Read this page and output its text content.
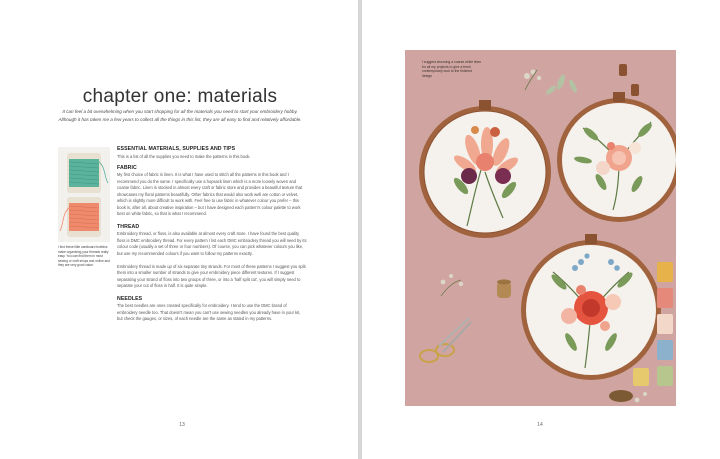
chapter one: materials

It can feel a bit overwhelming when you start shopping for all the materials you need to start your embroidery hobby. Although it has taken me a few years to collect all the things in this list, they are all easy to find and relatively affordable.

I find these little cardboard bobbins make organising your threads really easy. You can find them in most sewing or craft shops and online and they are very good value.

ESSENTIAL MATERIALS, SUPPLIES AND TIPS

This is a list of all the supplies you need to make the patterns in this book.

FABRIC

My first choice of fabric is linen. It is what I have used to stitch all the patterns in this book and I recommend you do the same. I specifically use a hopsack linen which is a more loosely woven and coarse fabric. Linen is stocked in almost every craft or fabric store and provides a beautiful texture that showcases my floral patterns beautifully. Other fabrics that would also work well are cotton or velvet, which is slightly more difficult to work with. Feel free to use fabric in whatever colour you prefer – this book is, after all, about creative inspiration – but I have designed each pattern's colour palette to work best on white fabric, so that is what I recommend.

THREAD

Embroidery thread, or floss, is also available at almost every craft store. I have found the best quality floss is DMC embroidery thread. For every pattern I list each DMC embroidery thread you will need by its colour code (usually a set of three or four numbers). Of course, you can pick whatever colours you like, but use my recommended colours if you want to follow my patterns exactly.

Embroidery thread is made up of six separate tiny strands. For most of these patterns I suggest you split them into a smaller number of strands to give your embroidery piece different textures. If I suggest separating your strand of floss into two groups of three, or into a 'half split cut', you will simply need to separate your cut of floss in half. It is quite simple.

NEEDLES

The best needles are ones created specifically for embroidery. I tend to use the DMC brand of embroidery needle too. That doesn't mean you can't use sewing needles you already have in your kit, but check the gauges, or sizes, of each needle are the same as stated in my patterns.

13

I suggest choosing a coarse white linen for all my projects to give a fresh contemporary look to the finished design

14
